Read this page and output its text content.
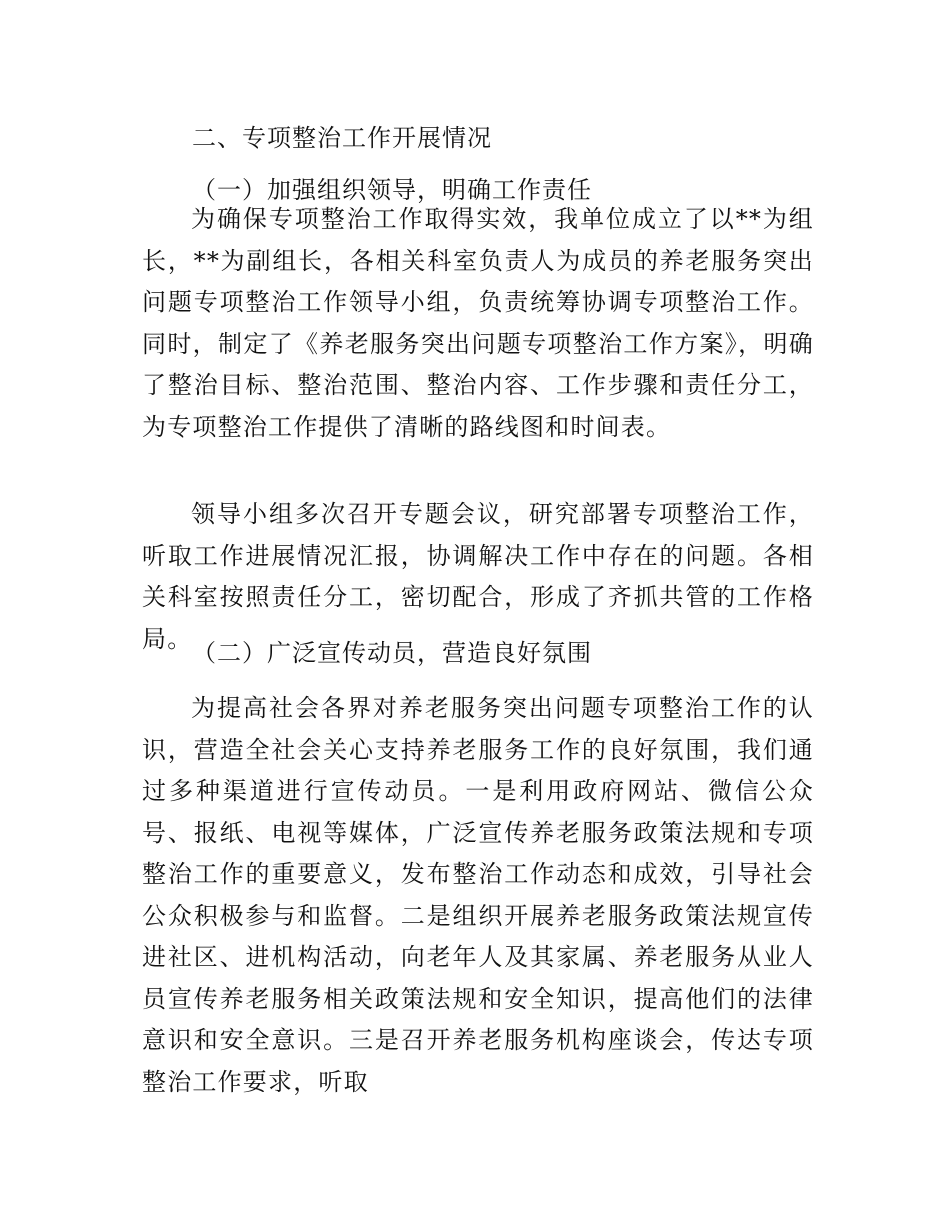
二、专项整治工作开展情况
（一）加强组织领导，明确工作责任

为确保专项整治工作取得实效，我单位成立了以**为组长，**为副组长，各相关科室负责人为成员的养老服务突出问题专项整治工作领导小组，负责统筹协调专项整治工作。同时，制定了《养老服务突出问题专项整治工作方案》，明确了整治目标、整治范围、整治内容、工作步骤和责任分工，为专项整治工作提供了清晰的路线图和时间表。

领导小组多次召开专题会议，研究部署专项整治工作，听取工作进展情况汇报，协调解决工作中存在的问题。各相关科室按照责任分工，密切配合，形成了齐抓共管的工作格局。

（二）广泛宣传动员，营造良好氛围

为提高社会各界对养老服务突出问题专项整治工作的认识，营造全社会关心支持养老服务工作的良好氛围，我们通过多种渠道进行宣传动员。一是利用政府网站、微信公众号、报纸、电视等媒体，广泛宣传养老服务政策法规和专项整治工作的重要意义，发布整治工作动态和成效，引导社会公众积极参与和监督。二是组织开展养老服务政策法规宣传进社区、进机构活动，向老年人及其家属、养老服务从业人员宣传养老服务相关政策法规和安全知识，提高他们的法律意识和安全意识。三是召开养老服务机构座谈会，传达专项整治工作要求，听取
